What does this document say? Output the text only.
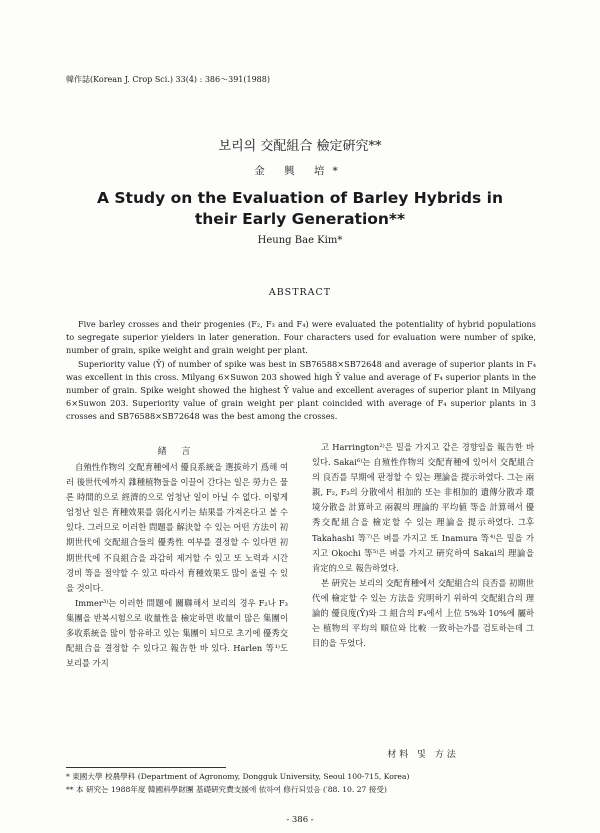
韓作誌(Korean J. Crop Sci.) 33(4) : 386～391(1988)
보리의 交配組合 檢定硏究**
金 興 培*
A Study on the Evaluation of Barley Hybrids in their Early Generation**
Heung Bae Kim*
ABSTRACT

Five barley crosses and their progenies (F₂, F₃ and F₄) were evaluated the potentiality of hybrid populations to segregate superior yielders in later generation. Four characters used for evaluation were number of spike, number of grain, spike weight and grain weight per plant.

Superiority value (Ȳ) of number of spike was best in SB76588×SB72648 and average of superior plants in F₄ was excellent in this cross. Milyang 6×Suwon 203 showed high Ȳ value and average of F₄ superior plants in the number of grain. Spike weight showed the highest Ȳ value and excellent averages of superior plant in Milyang 6×Suwon 203. Superiority value of grain weight per plant coincided with average of F₄ superior plants in 3 crosses and SB76588×SB72648 was the best among the crosses.

緖 言

自殖性作物의 交配育種에서 優良系統을 選拔하기 爲해 여러 後世代에까지 雜種植物들을 이끌어 간다는 일은 勞力은 물론 時間的으로 經濟的으로 엄청난 일이 아닐 수 없다. 이렇게 엄청난 일은 育種效果를 弱化시키는 結果를 가져온다고 볼 수 있다. 그러므로 이러한 問題를 解決할 수 있는 어떤 方法이 初期世代에 交配組合들의 優秀性 여부를 결정할 수 있다면 初期世代에 不良組合을 과감히 제거할 수 있고 또 노력과 시간 경비 等을 절약할 수 있고 따라서 育種效果도 많이 올릴 수 있을 것이다.

Immer³⁾는 이러한 問題에 關聯해서 보리의 경우 F₂나 F₃ 集團을 반복시험으로 收量性을 檢定하면 收量이 많은 集團이 多收系統을 많이 함유하고 있는 集團이 되므로 초기에 優秀交配組合을 결정할 수 있다고 報告한 바 있다. Harlen 等¹⁾도 보리를 가지

고 Harrington²⁾은 밀을 가지고 같은 경향임을 報告한 바 있다. Sakai⁶⁾는 自殖性作物의 交配育種에 있어서 交配組合의 良否를 早期에 판정할 수 있는 理論을 提示하였다. 그는 兩親, F₂, F₃의 分散에서 相加的 또는 非相加的 遺傳分散과 環境分散을 計算하고 兩親의 理論的 平均値 等을 計算해서 優秀交配組合을 檢定할 수 있는 理論을 提示하였다. 그후 Takahashi 等⁷⁾은 벼를 가지고 또 Inamura 等⁴⁾은 밀을 가지고 Okochi 等⁵⁾은 벼를 가지고 硏究하여 Sakai의 理論을 肯定的으로 報告하였다.

본 硏究는 보리의 交配育種에서 交配組合의 良否를 初期世代에 檢定할 수 있는 方法을 究明하기 위하여 交配組合의 理論的 優良度(Ȳ)와 그 組合의 F₄에서 上位 5%와 10%에 屬하는 植物의 平均의 順位와 比較 一致하는가를 검토하는데 그 目的을 두었다.

材料 및 方法
* 東國大學 校農學科 (Department of Agronomy, Dongguk University, Seoul 100-715, Korea)
** 本 硏究는 1988年度 韓國科學財團 基礎硏究費支援에 依하여 修行되었음 (′88. 10. 27 接受)
- 386 -
